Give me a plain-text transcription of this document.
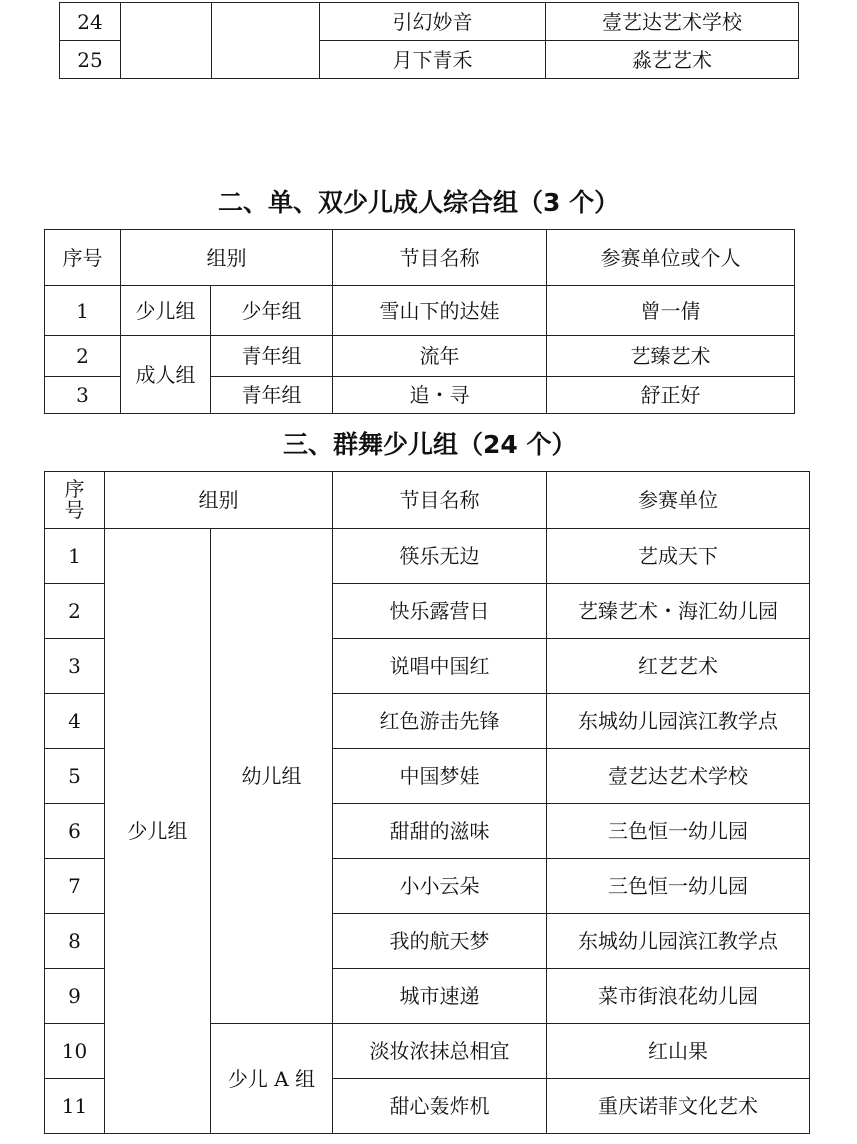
24			引幻妙音	壹艺达艺术学校
25			月下青禾	淼艺艺术
二、单、双少儿成人综合组（3 个）
序号	组别		节目名称	参赛单位或个人
1	少儿组	少年组	雪山下的达娃	曾一倩
2	成人组	青年组	流年	艺臻艺术
3		青年组	追・寻	舒正好
三、群舞少儿组（24 个）
序号	组别		节目名称	参赛单位
1	少儿组	幼儿组	筷乐无边	艺成天下
2			快乐露营日	艺臻艺术・海汇幼儿园
3			说唱中国红	红艺艺术
4			红色游击先锋	东城幼儿园滨江教学点
5			中国梦娃	壹艺达艺术学校
6			甜甜的滋味	三色恒一幼儿园
7			小小云朵	三色恒一幼儿园
8			我的航天梦	东城幼儿园滨江教学点
9			城市速递	菜市街浪花幼儿园
10		少儿 A 组	淡妆浓抹总相宜	红山果
11			甜心轰炸机	重庆诺菲文化艺术
